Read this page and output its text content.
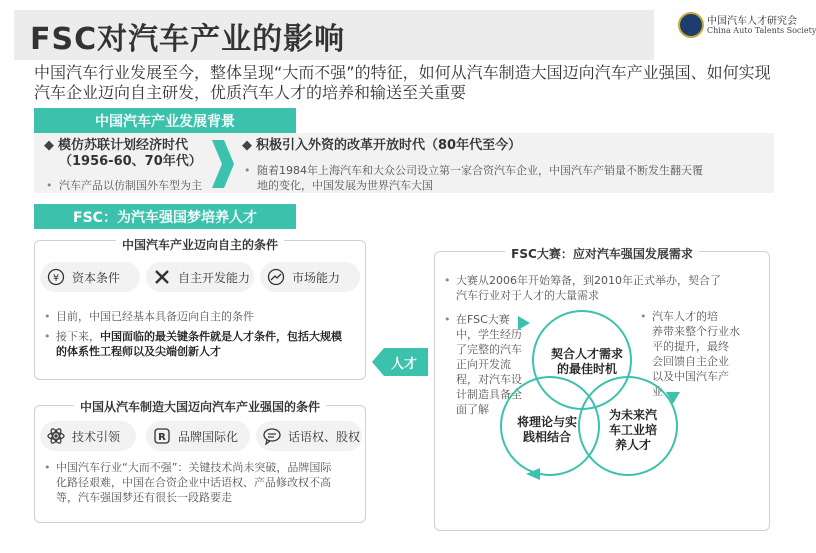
FSC对汽车产业的影响
中国汽车人才研究会
China Auto Talents Society
中国汽车行业发展至今，整体呈现“大而不强”的特征，如何从汽车制造大国迈向汽车产业强国、如何实现汽车企业迈向自主研发，优质汽车人才的培养和输送至关重要
中国汽车产业发展背景
◆ 模仿苏联计划经济时代
（1956-60、70年代）
• 汽车产品以仿制国外车型为主
◆ 积极引入外资的改革开放时代（80年代至今）
• 随着1984年上海汽车和大众公司设立第一家合资汽车企业，中国汽车产销量不断发生翻天覆
地的变化，中国发展为世界汽车大国
FSC：为汽车强国梦培养人才
中国汽车产业迈向自主的条件
¥ 资本条件	自主开发能力	市场能力
• 目前，中国已经基本具备迈向自主的条件
• 接下来，中国面临的最关键条件就是人才条件，包括大规模
的体系性工程师以及尖端创新人才
中国从汽车制造大国迈向汽车产业强国的条件
技术引领	R 品牌国际化	话语权、股权
• 中国汽车行业“大而不强”：关键技术尚未突破，品牌国际
化路径艰难，中国在合资企业中话语权、产品修改权不高
等，汽车强国梦还有很长一段路要走
人才
FSC大赛：应对汽车强国发展需求
• 大赛从2006年开始筹备，到2010年正式举办，契合了
汽车行业对于人才的大量需求
• 在FSC大赛
中，学生经历
了完整的汽车
正向开发流
程，对汽车设
计制造具备全
面了解
• 汽车人才的培
养带来整个行业水
平的提升，最终
会回馈自主企业
以及中国汽车产
业
契合人才需求
的最佳时机
将理论与实
践相结合
为未来汽
车工业培
养人才
